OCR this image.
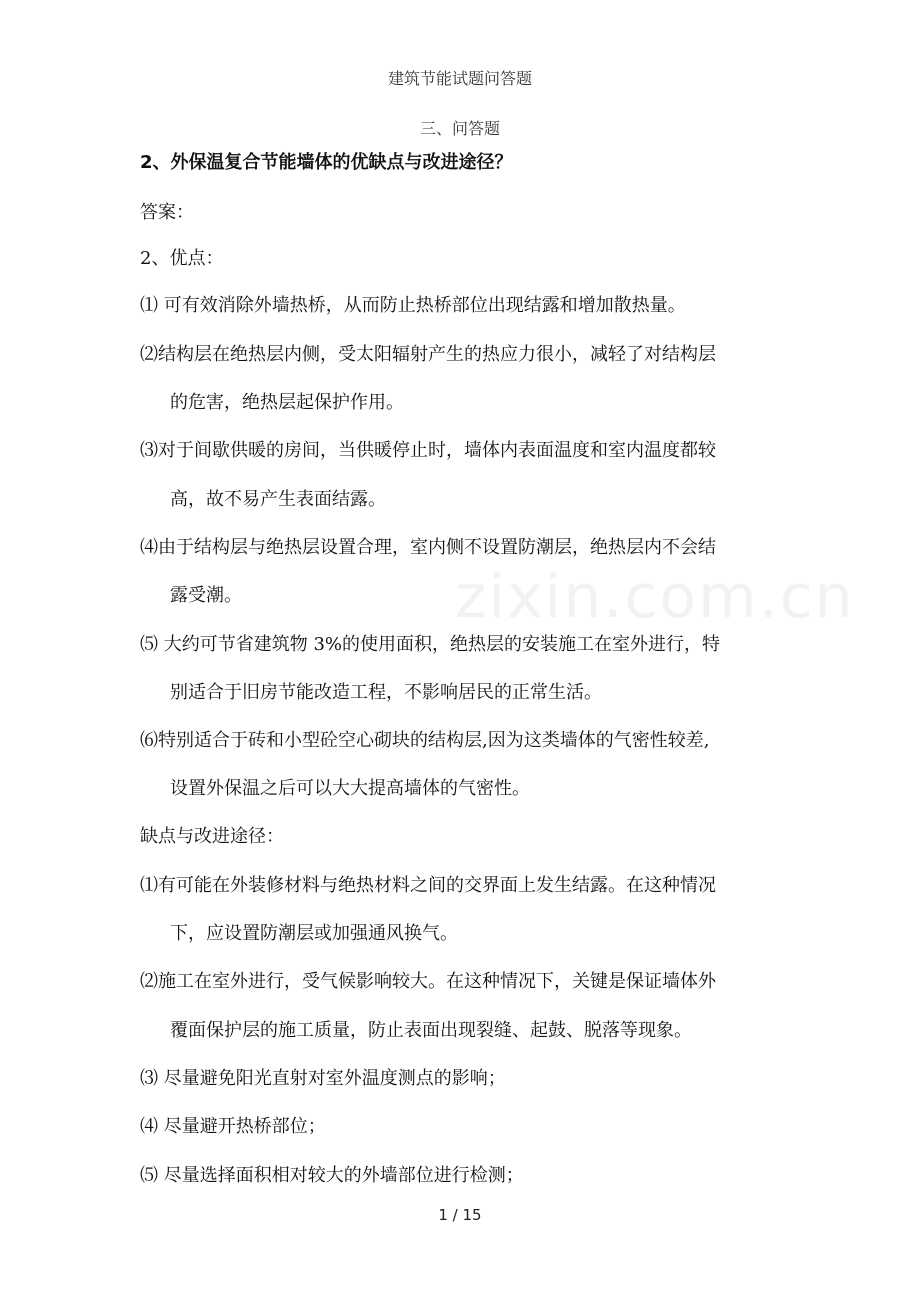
建筑节能试题问答题
三、问答题
2、外保温复合节能墙体的优缺点与改进途径？
zixin.com.cn
答案：
2、优点：
⑴ 可有效消除外墙热桥，从而防止热桥部位出现结露和增加散热量。
⑵结构层在绝热层内侧，受太阳辐射产生的热应力很小，减轻了对结构层
的危害，绝热层起保护作用。
⑶对于间歇供暖的房间，当供暖停止时，墙体内表面温度和室内温度都较
高，故不易产生表面结露。
⑷由于结构层与绝热层设置合理，室内侧不设置防潮层，绝热层内不会结
露受潮。
⑸ 大约可节省建筑物 3%的使用面积，绝热层的安装施工在室外进行，特
别适合于旧房节能改造工程，不影响居民的正常生活。
⑹特别适合于砖和小型砼空心砌块的结构层,因为这类墙体的气密性较差,
设置外保温之后可以大大提高墙体的气密性。
缺点与改进途径：
⑴有可能在外装修材料与绝热材料之间的交界面上发生结露。在这种情况
下，应设置防潮层或加强通风换气。
⑵施工在室外进行，受气候影响较大。在这种情况下，关键是保证墙体外
覆面保护层的施工质量，防止表面出现裂缝、起鼓、脱落等现象。
⑶ 尽量避免阳光直射对室外温度测点的影响；
⑷ 尽量避开热桥部位；
⑸ 尽量选择面积相对较大的外墙部位进行检测；
1 / 15
